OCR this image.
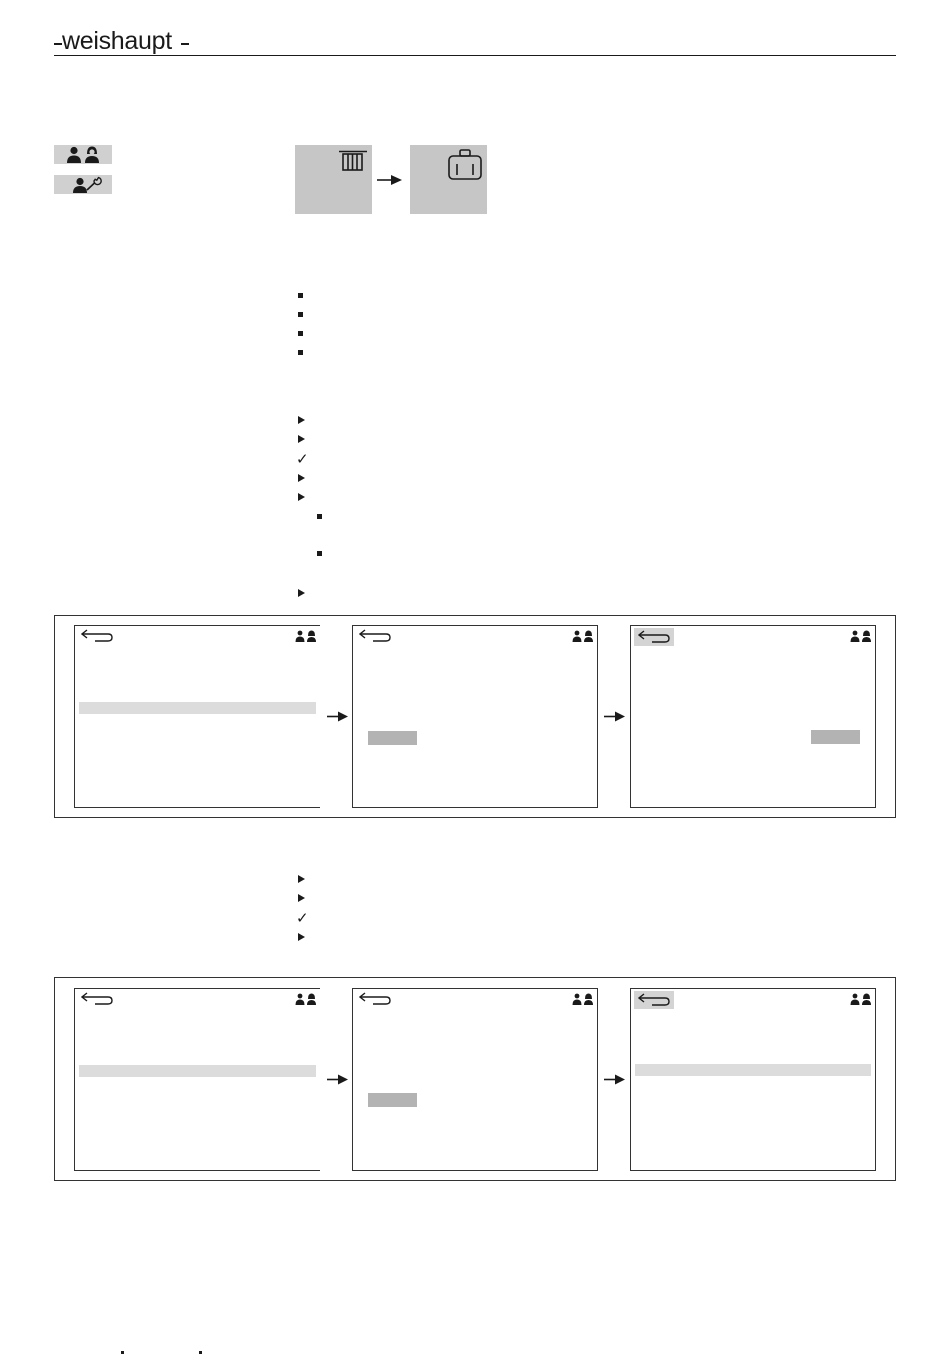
weishaupt
✓
✓
